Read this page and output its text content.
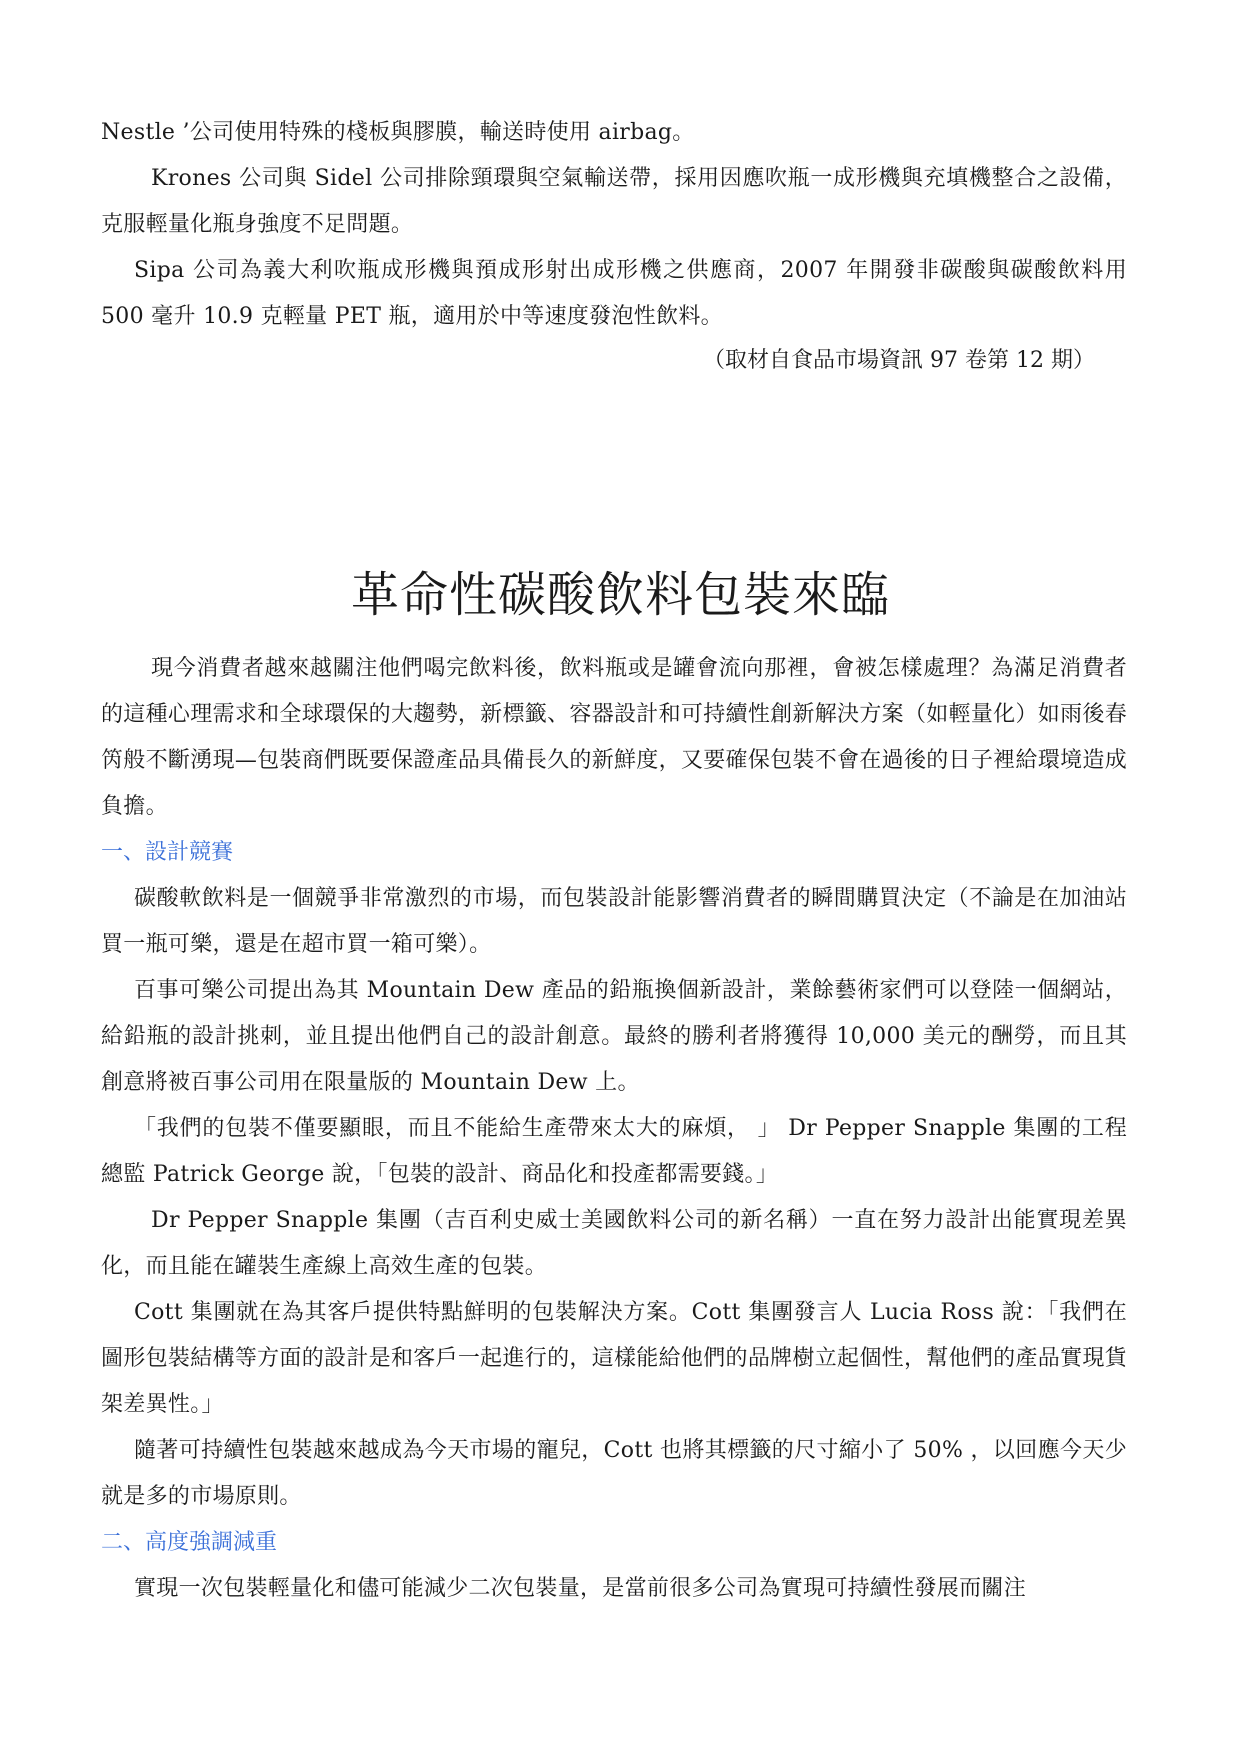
Nestle ’公司使用特殊的棧板與膠膜，輸送時使用 airbag。

Krones 公司與 Sidel 公司排除頸環與空氣輸送帶，採用因應吹瓶一成形機與充填機整合之設備，克服輕量化瓶身強度不足問題。

Sipa 公司為義大利吹瓶成形機與預成形射出成形機之供應商，2007 年開發非碳酸與碳酸飲料用 500 毫升 10.9 克輕量 PET 瓶，適用於中等速度發泡性飲料。

（取材自食品市場資訊 97 卷第 12 期）

革命性碳酸飲料包裝來臨

現今消費者越來越關注他們喝完飲料後，飲料瓶或是罐會流向那裡，會被怎樣處理？為滿足消費者的這種心理需求和全球環保的大趨勢，新標籤、容器設計和可持續性創新解決方案（如輕量化）如雨後春笍般不斷湧現—包裝商們既要保證產品具備長久的新鮮度，又要確保包裝不會在過後的日子裡給環境造成負擔。

一、設計競賽

碳酸軟飲料是一個競爭非常激烈的市場，而包裝設計能影響消費者的瞬間購買決定（不論是在加油站買一瓶可樂，還是在超市買一箱可樂）。

百事可樂公司提出為其 Mountain Dew 產品的鉛瓶換個新設計，業餘藝術家們可以登陸一個網站，給鉛瓶的設計挑刺，並且提出他們自己的設計創意。最終的勝利者將獲得 10,000 美元的酬勞，而且其創意將被百事公司用在限量版的 Mountain Dew 上。

「我們的包裝不僅要顯眼，而且不能給生產帶來太大的麻煩， 」 Dr Pepper Snapple 集團的工程總監 Patrick George 說，「包裝的設計、商品化和投產都需要錢。」

Dr Pepper Snapple 集團（吉百利史威士美國飲料公司的新名稱）一直在努力設計出能實現差異化，而且能在罐裝生產線上高效生產的包裝。

Cott 集團就在為其客戶提供特點鮮明的包裝解決方案。Cott 集團發言人 Lucia Ross 說：「我們在圖形包裝結構等方面的設計是和客戶一起進行的，這樣能給他們的品牌樹立起個性，幫他們的產品實現貨架差異性。」

隨著可持續性包裝越來越成為今天市場的寵兒，Cott 也將其標籤的尺寸縮小了 50% ，以回應今天少就是多的市場原則。

二、高度強調減重

實現一次包裝輕量化和儘可能減少二次包裝量，是當前很多公司為實現可持續性發展而關注
